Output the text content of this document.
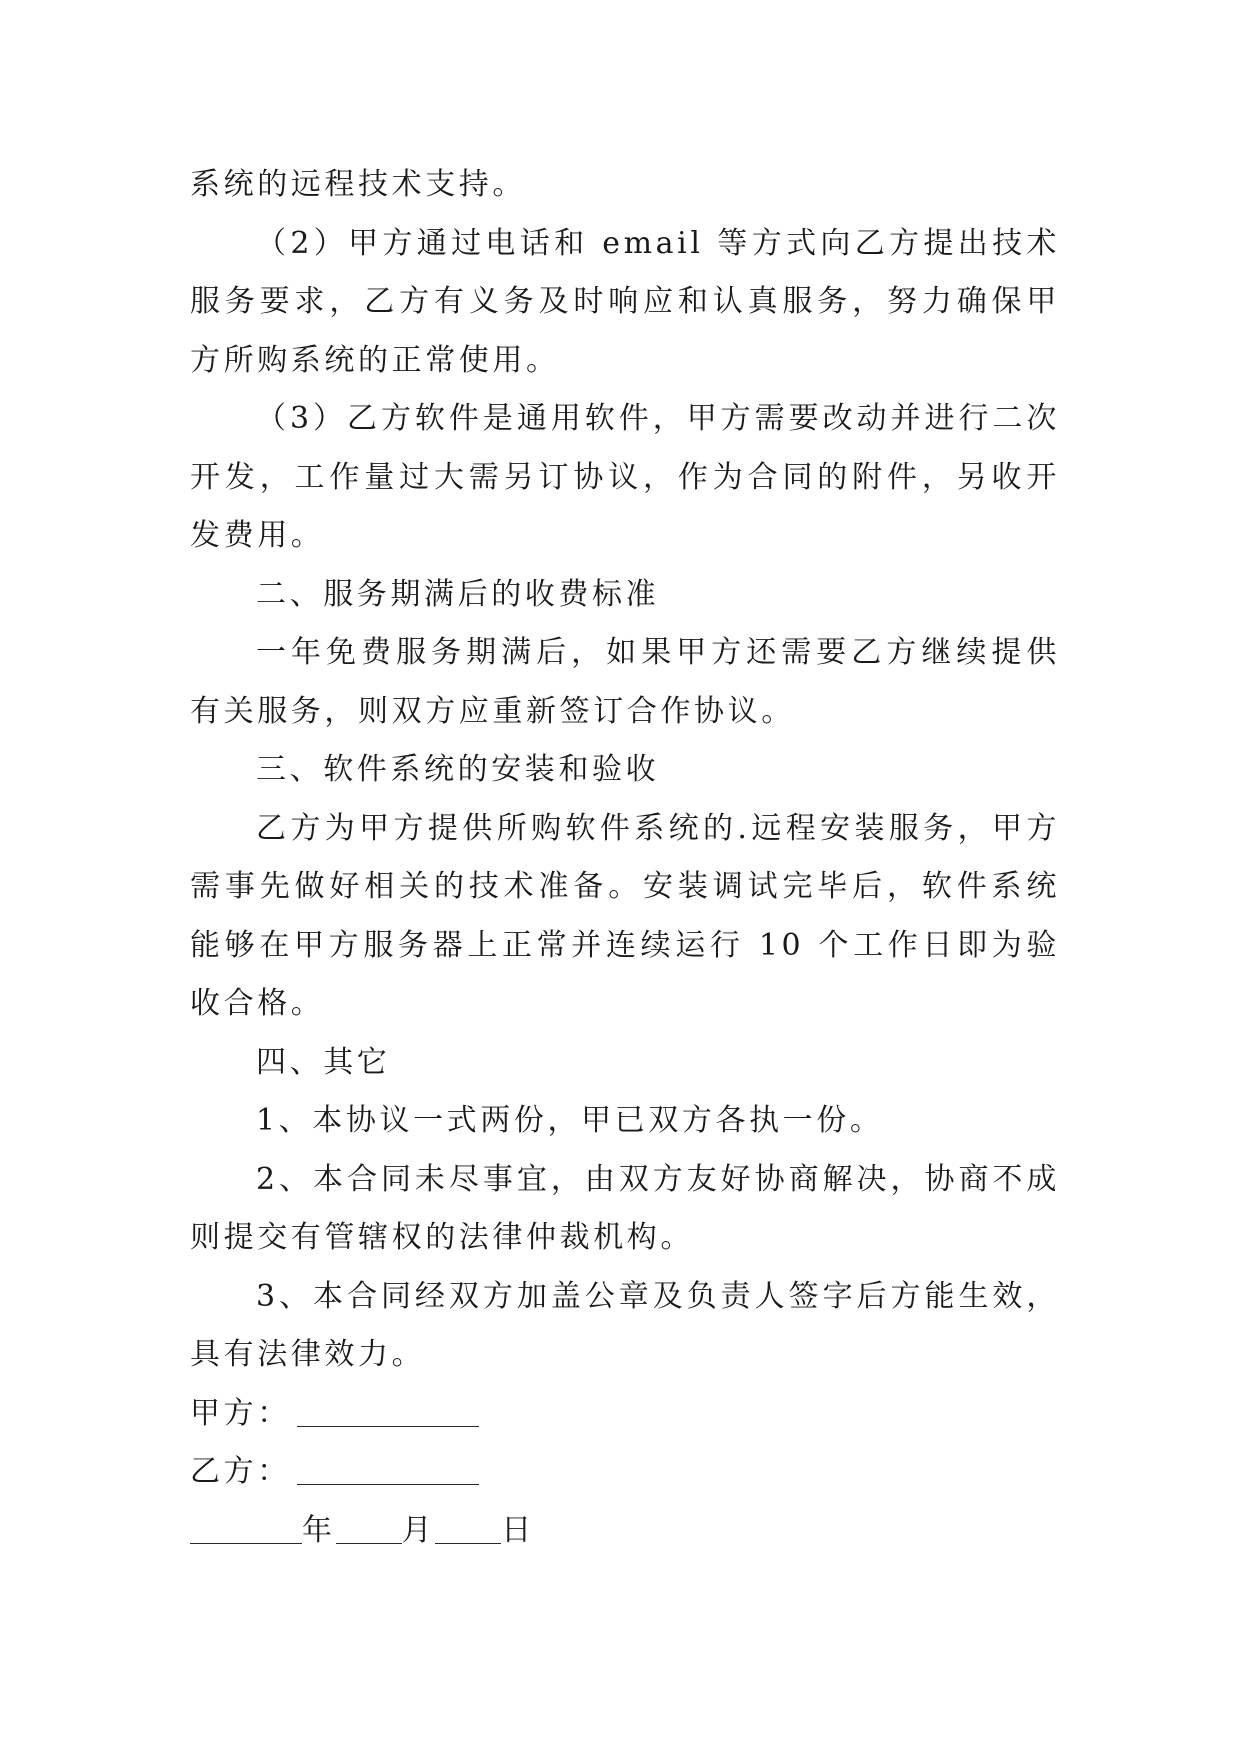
系统的远程技术支持。

（2）甲方通过电话和 email 等方式向乙方提出技术服务要求，乙方有义务及时响应和认真服务，努力确保甲方所购系统的正常使用。

（3）乙方软件是通用软件，甲方需要改动并进行二次开发，工作量过大需另订协议，作为合同的附件，另收开发费用。

二、服务期满后的收费标准

一年免费服务期满后，如果甲方还需要乙方继续提供有关服务，则双方应重新签订合作协议。

三、软件系统的安装和验收

乙方为甲方提供所购软件系统的.远程安装服务，甲方需事先做好相关的技术准备。安装调试完毕后，软件系统能够在甲方服务器上正常并连续运行 10 个工作日即为验收合格。

四、其它

1、本协议一式两份，甲已双方各执一份。

2、本合同未尽事宜，由双方友好协商解决，协商不成则提交有管辖权的法律仲裁机构。

3、本合同经双方加盖公章及负责人签字后方能生效，具有法律效力。

甲方：

乙方：

年 月 日
